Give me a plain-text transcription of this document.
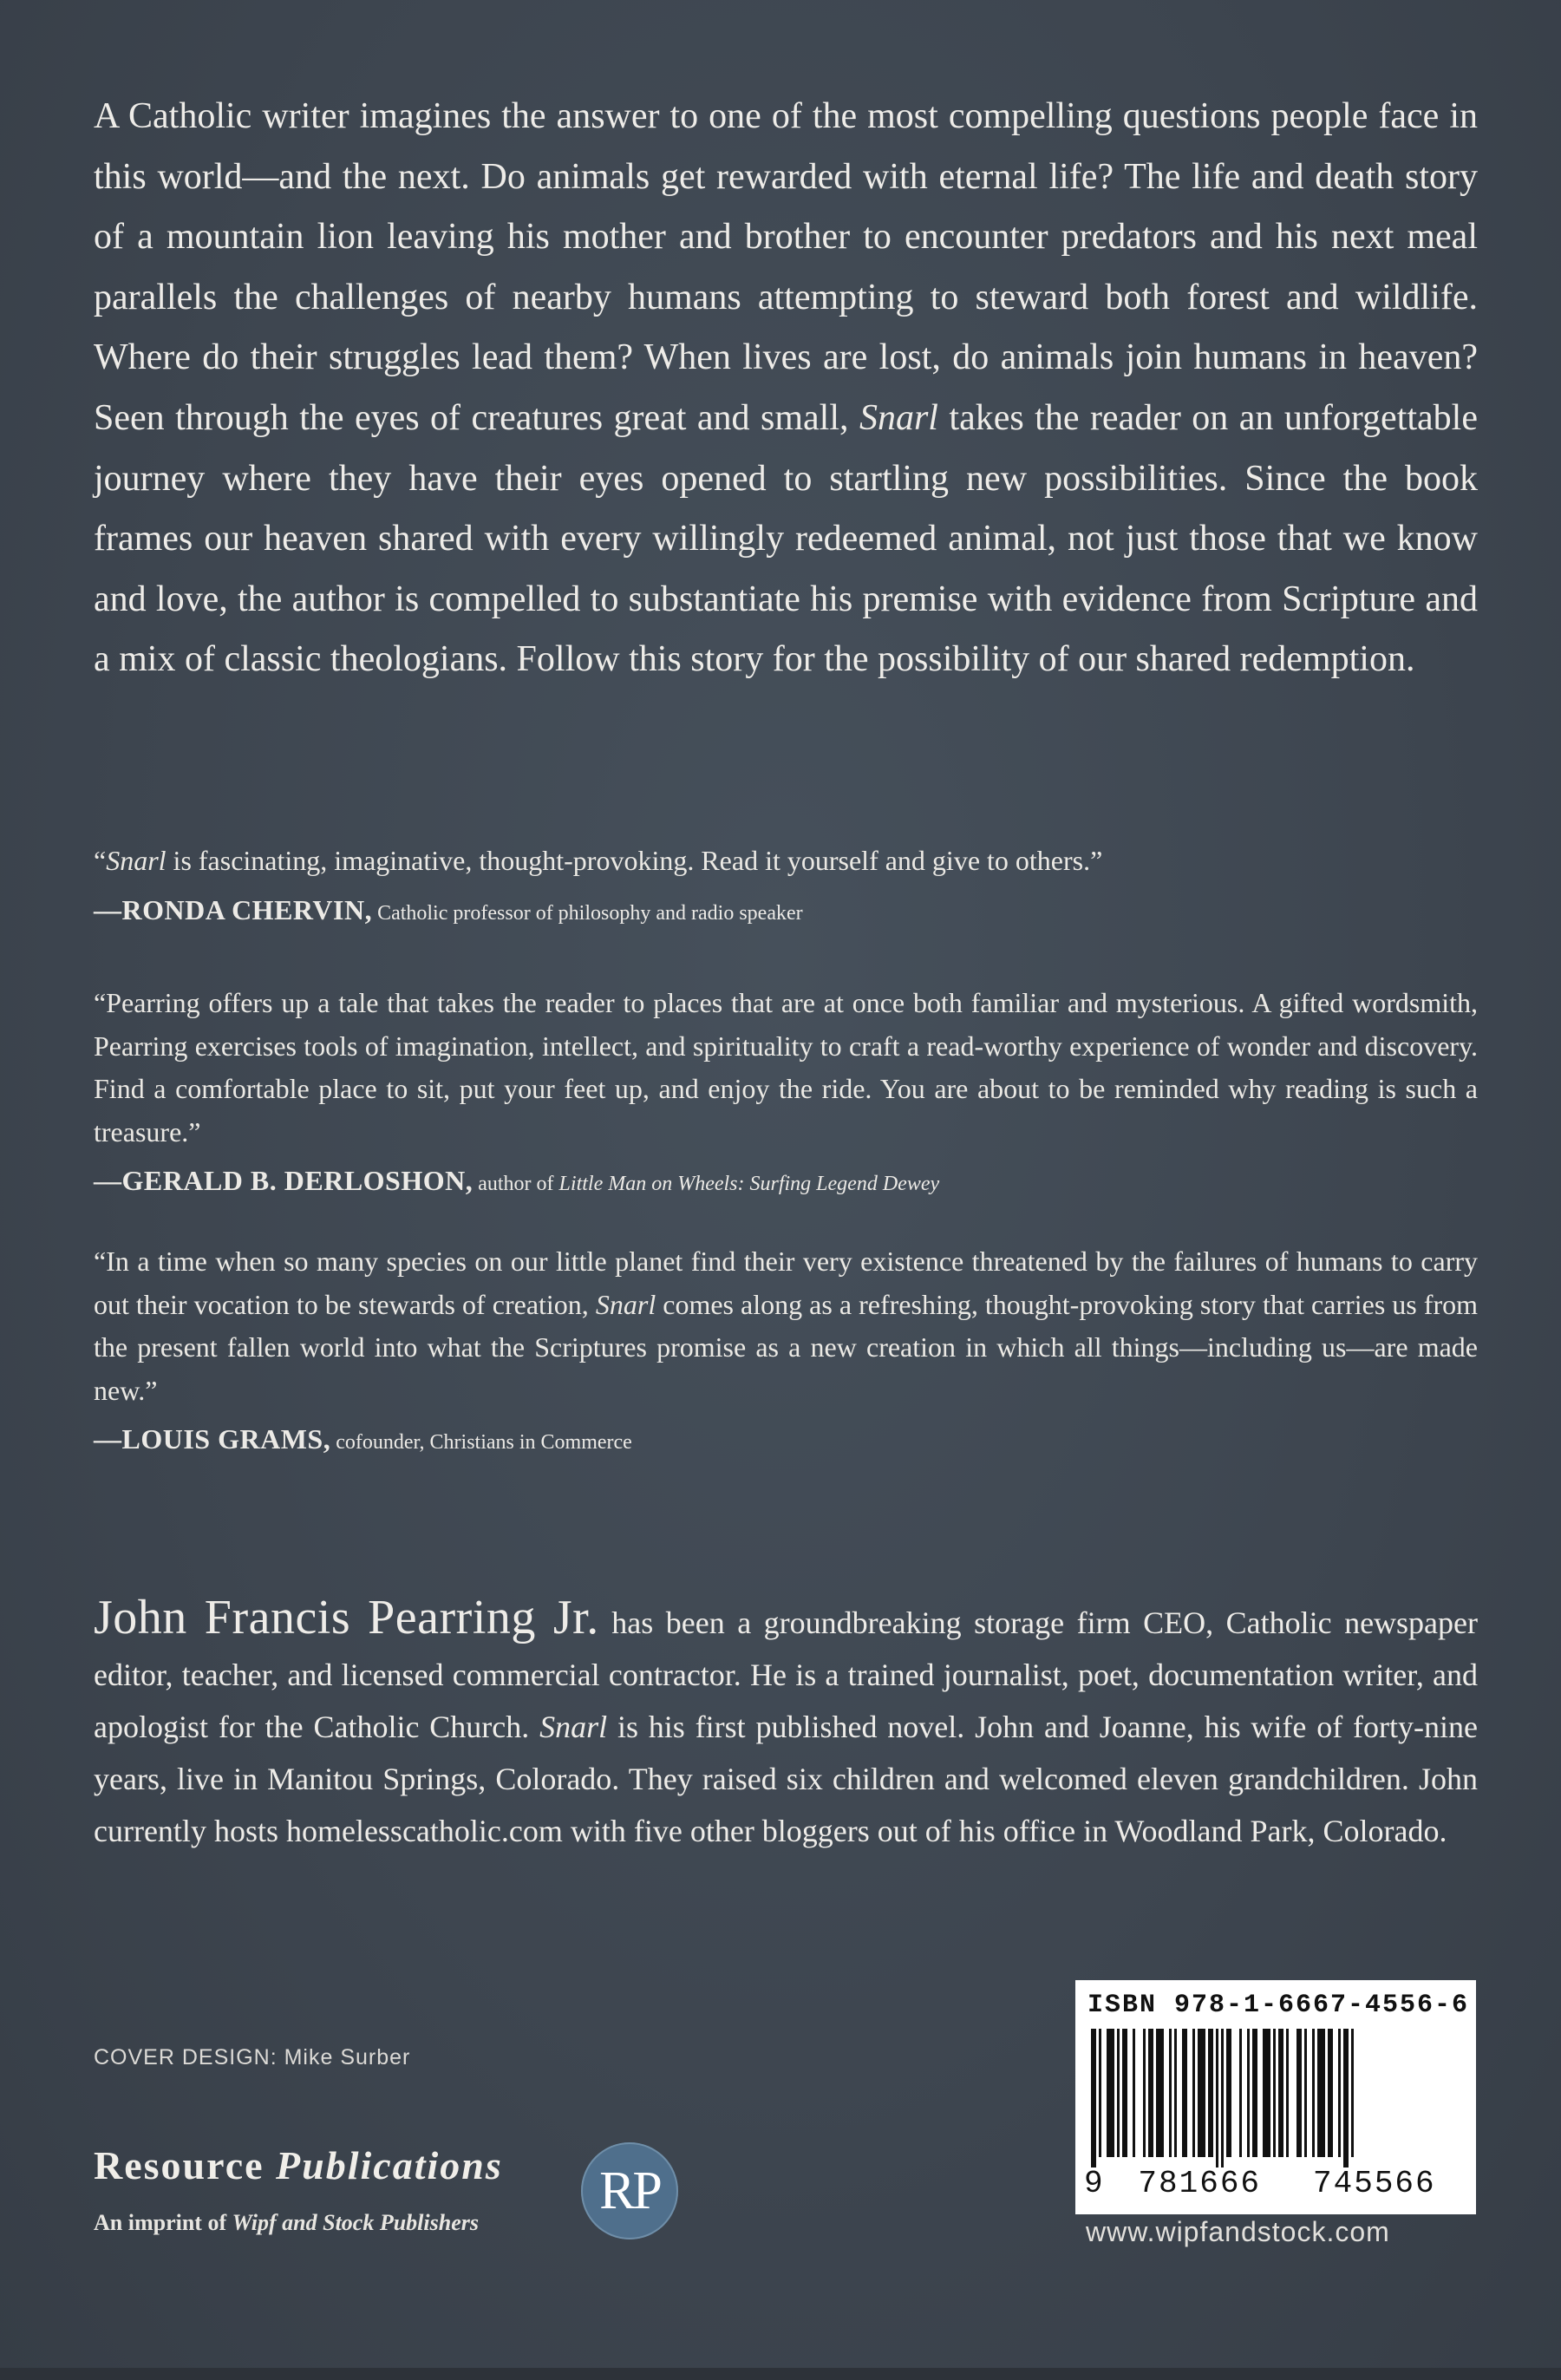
A Catholic writer imagines the answer to one of the most compelling questions people face in this world—and the next. Do animals get rewarded with eternal life? The life and death story of a mountain lion leaving his mother and brother to encounter predators and his next meal parallels the challenges of nearby humans attempting to steward both forest and wildlife. Where do their struggles lead them? When lives are lost, do animals join humans in heaven? Seen through the eyes of creatures great and small, Snarl takes the reader on an unforgettable journey where they have their eyes opened to startling new possibilities. Since the book frames our heaven shared with every willingly redeemed animal, not just those that we know and love, the author is compelled to substantiate his premise with evidence from Scripture and a mix of classic theologians. Follow this story for the possibility of our shared redemption.

“Snarl is fascinating, imaginative, thought-provoking. Read it yourself and give to others.”

—RONDA CHERVIN, Catholic professor of philosophy and radio speaker

“Pearring offers up a tale that takes the reader to places that are at once both familiar and mysterious. A gifted wordsmith, Pearring exercises tools of imagination, intellect, and spirituality to craft a read-worthy experience of wonder and discovery. Find a comfortable place to sit, put your feet up, and enjoy the ride. You are about to be reminded why reading is such a treasure.”

—GERALD B. DERLOSHON, author of Little Man on Wheels: Surfing Legend Dewey

“In a time when so many species on our little planet find their very existence threatened by the failures of humans to carry out their vocation to be stewards of creation, Snarl comes along as a refreshing, thought-provoking story that carries us from the present fallen world into what the Scriptures promise as a new creation in which all things—including us—are made new.”

—LOUIS GRAMS, cofounder, Christians in Commerce
John Francis Pearring Jr. has been a groundbreaking storage firm CEO, Catholic newspaper editor, teacher, and licensed commercial contractor. He is a trained journalist, poet, documentation writer, and apologist for the Catholic Church. Snarl is his first published novel. John and Joanne, his wife of forty-nine years, live in Manitou Springs, Colorado. They raised six children and welcomed eleven grandchildren. John currently hosts homelesscatholic.com with five other bloggers out of his office in Woodland Park, Colorado.
COVER DESIGN: Mike Surber
Resource Publications
An imprint of Wipf and Stock Publishers
RP
ISBN 978-1-6667-4556-6
9 781666 745566
www.wipfandstock.com
